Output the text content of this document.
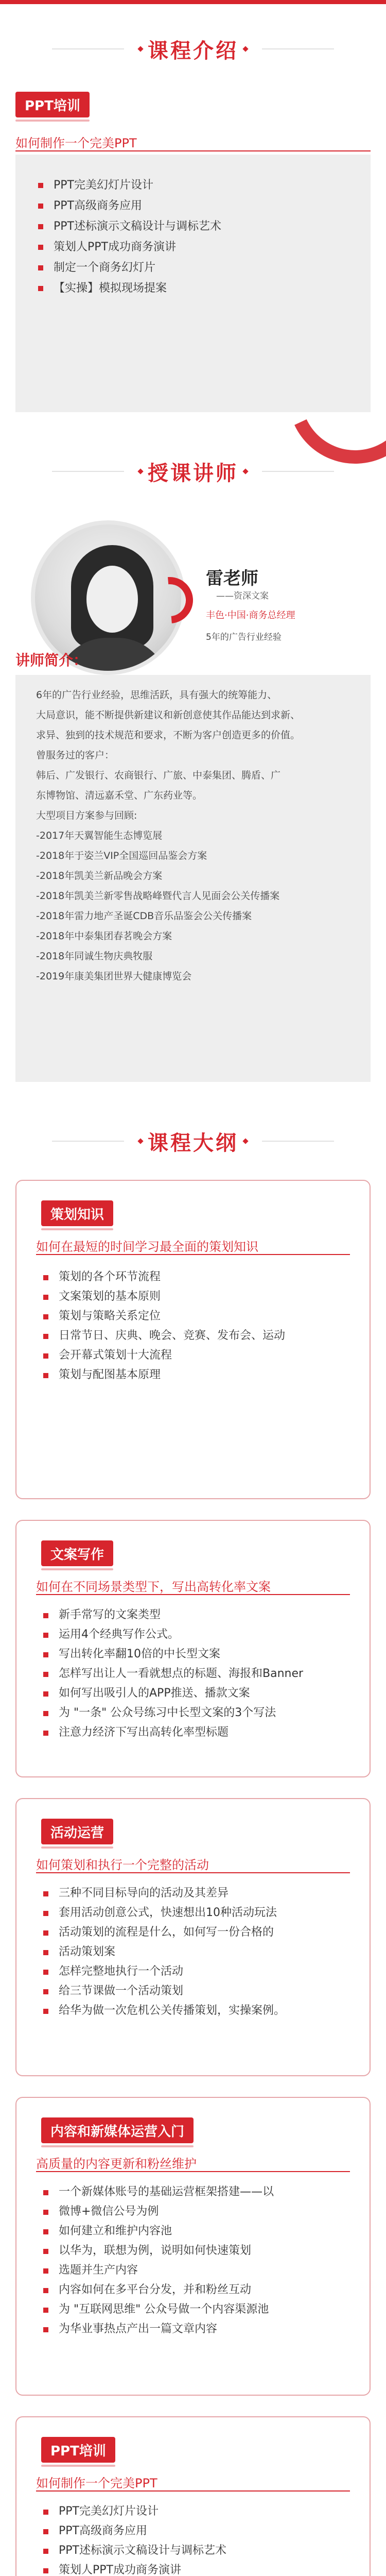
课程介绍
PPT培训
如何制作一个完美PPT
PPT完美幻灯片设计
PPT高级商务应用
PPT述标演示文稿设计与调标艺术
策划人PPT成功商务演讲
制定一个商务幻灯片
【实操】模拟现场提案
授课讲师
雷老师
——资深文案
丰色·中国·商务总经理
5年的广告行业经验
讲师简介：

6年的广告行业经验，思维活跃，具有强大的统筹能力、

大局意识，能不断提供新建议和新创意使其作品能达到求新、

求异、独到的技术规范和要求，不断为客户创造更多的价值。

曾服务过的客户：

韩后、广发银行、农商银行、广旅、中泰集团、腾盾、广

东博物馆、清远嘉禾堂、广东药业等。

大型项目方案参与回顾:

-2017年天翼智能生态博览展

-2018年于姿兰VIP全国巡回品鉴会方案

-2018年凯美兰新品晚会方案

-2018年凯美兰新零售战略峰暨代言人见面会公关传播案

-2018年雷力地产圣诞CDB音乐品鉴会公关传播案

-2018年中泰集团春茗晚会方案

-2018年同诚生物庆典牧服

-2019年康美集团世界大健康博览会

课程大纲
策划知识
如何在最短的时间学习最全面的策划知识
策划的各个环节流程
文案策划的基本原则
策划与策略关系定位
日常节日、庆典、晚会、竞赛、发布会、运动
会开幕式策划十大流程
策划与配图基本原理
文案写作
如何在不同场景类型下，写出高转化率文案
新手常写的文案类型
运用4个经典写作公式。
写出转化率翻10倍的中长型文案
怎样写出让人一看就想点的标题、海报和Banner
如何写出吸引人的APP推送、播款文案
为 "一条" 公众号练习中长型文案的3个写法
注意力经济下写出高转化率型标题
活动运营
如何策划和执行一个完整的活动
三种不同目标导向的活动及其差异
套用活动创意公式，快速想出10种活动玩法
活动策划的流程是什么，如何写一份合格的
活动策划案
怎样完整地执行一个活动
给三节课做一个活动策划
给华为做一次危机公关传播策划，实操案例。
内容和新媒体运营入门
高质量的内容更新和粉丝维护
一个新媒体账号的基础运营框架搭建——以
微博+微信公号为例
如何建立和维护内容池
以华为，联想为例，说明如何快速策划
选题并生产内容
内容如何在多平台分发，并和粉丝互动
为 "互联网思维" 公众号做一个内容渠源池
为华业事热点产出一篇文章内容
PPT培训
如何制作一个完美PPT
PPT完美幻灯片设计
PPT高级商务应用
PPT述标演示文稿设计与调标艺术
策划人PPT成功商务演讲
